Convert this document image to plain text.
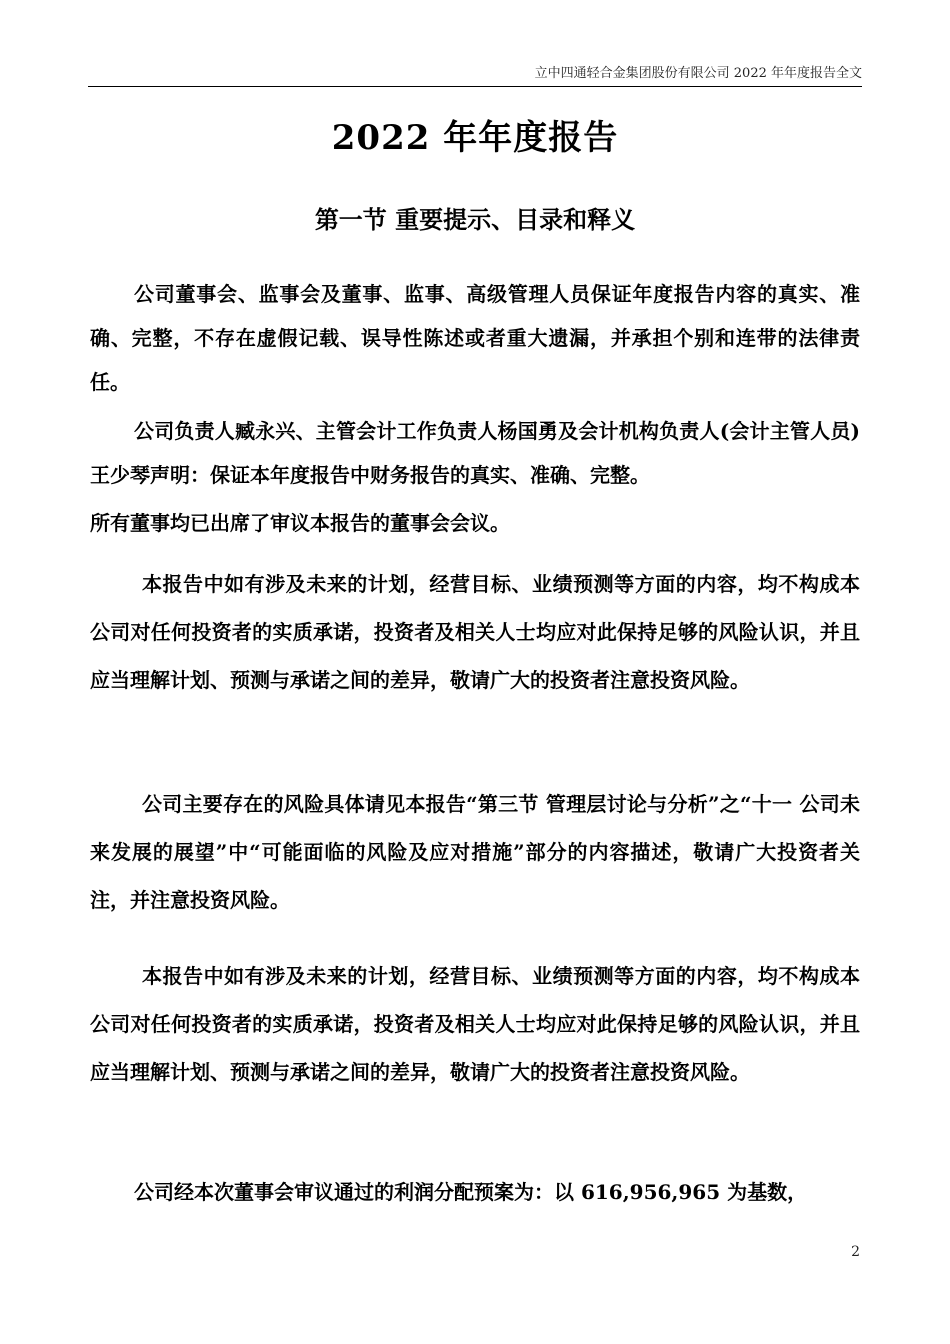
立中四通轻合金集团股份有限公司 2022 年年度报告全文
2022 年年度报告
第一节 重要提示、目录和释义

公司董事会、监事会及董事、监事、高级管理人员保证年度报告内容的真实、准确、完整，不存在虚假记载、误导性陈述或者重大遗漏，并承担个别和连带的法律责任。

公司负责人臧永兴、主管会计工作负责人杨国勇及会计机构负责人(会计主管人员)王少琴声明：保证本年度报告中财务报告的真实、准确、完整。

所有董事均已出席了审议本报告的董事会会议。

本报告中如有涉及未来的计划，经营目标、业绩预测等方面的内容，均不构成本公司对任何投资者的实质承诺，投资者及相关人士均应对此保持足够的风险认识，并且应当理解计划、预测与承诺之间的差异，敬请广大的投资者注意投资风险。

公司主要存在的风险具体请见本报告“第三节 管理层讨论与分析”之“十一 公司未来发展的展望”中“可能面临的风险及应对措施”部分的内容描述，敬请广大投资者关注，并注意投资风险。

本报告中如有涉及未来的计划，经营目标、业绩预测等方面的内容，均不构成本公司对任何投资者的实质承诺，投资者及相关人士均应对此保持足够的风险认识，并且应当理解计划、预测与承诺之间的差异，敬请广大的投资者注意投资风险。

公司经本次董事会审议通过的利润分配预案为：以 616,956,965 为基数，

2
